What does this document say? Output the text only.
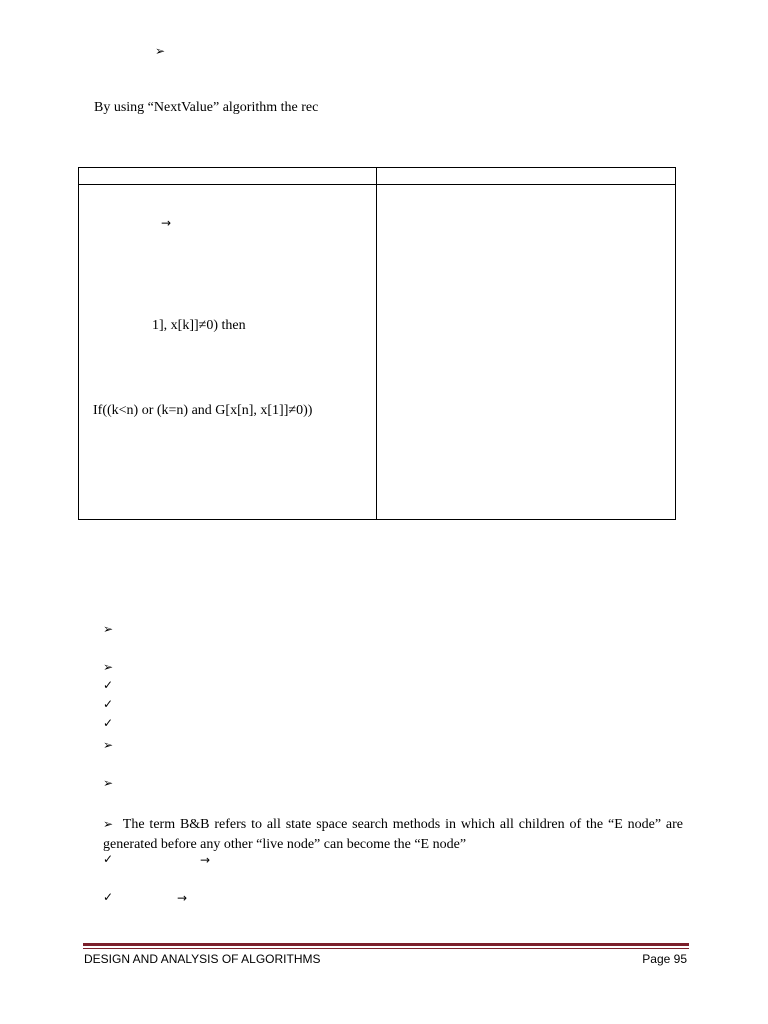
➢
By using “NextValue” algorithm the rec

→
1], x[k]]≠0) then
If((k<n) or (k=n) and G[x[n], x[1]]≠0))	

➢
➢
✓
✓
✓
➢
➢
➢ The term B&B refers to all state space search methods in which all children of the “E node” are generated before any other “live node” can become the “E node”
✓	→
✓	→
DESIGN AND ANALYSIS OF ALGORITHMS	Page 95
